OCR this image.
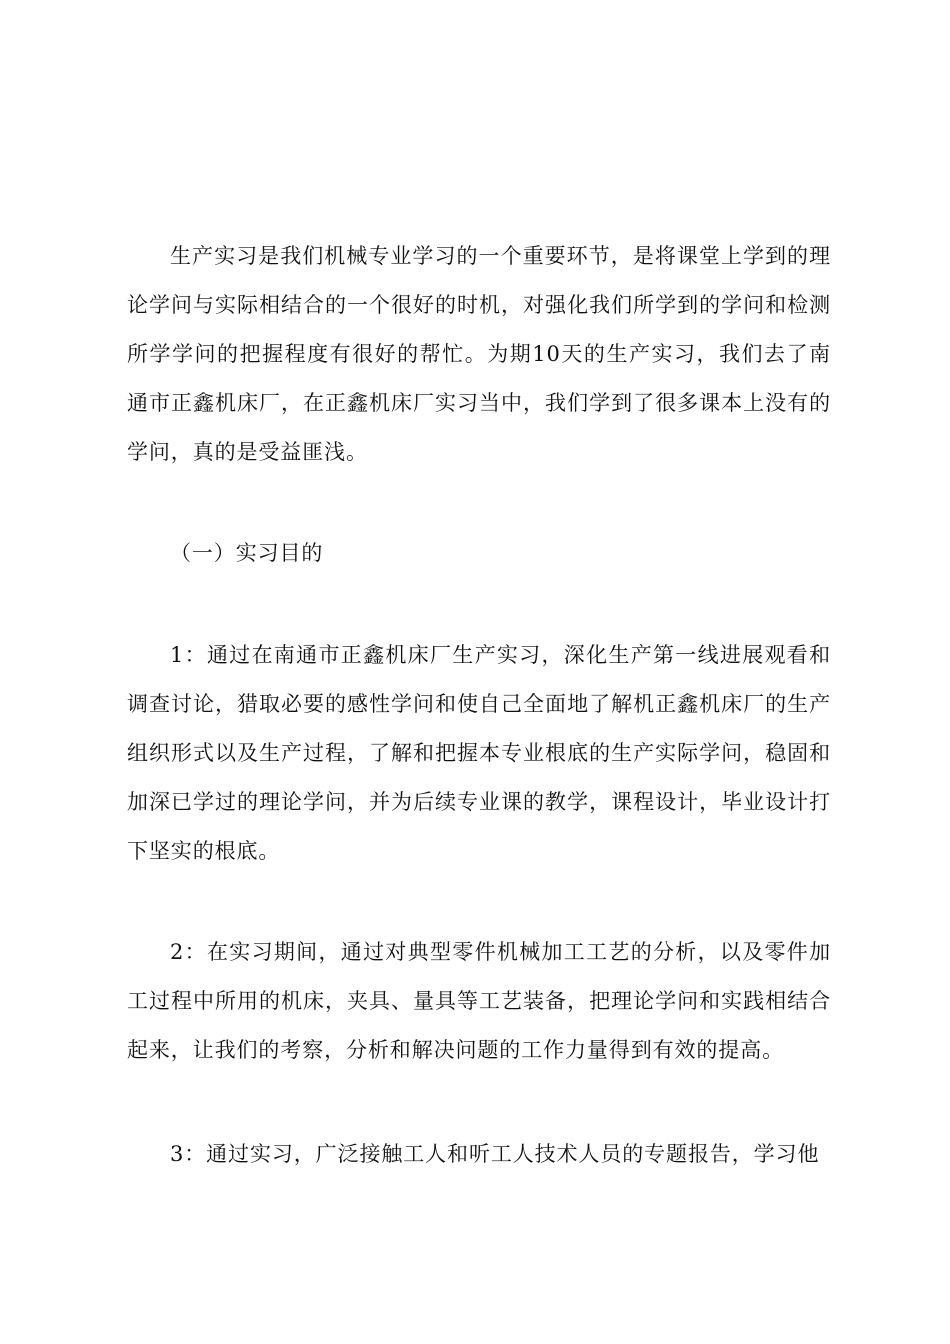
生产实习是我们机械专业学习的一个重要环节，是将课堂上学到的理论学问与实际相结合的一个很好的时机，对强化我们所学到的学问和检测所学学问的把握程度有很好的帮忙。为期10天的生产实习，我们去了南通市正鑫机床厂，在正鑫机床厂实习当中，我们学到了很多课本上没有的学问，真的是受益匪浅。

（一）实习目的

1：通过在南通市正鑫机床厂生产实习，深化生产第一线进展观看和调查讨论，猎取必要的感性学问和使自己全面地了解机正鑫机床厂的生产组织形式以及生产过程，了解和把握本专业根底的生产实际学问，稳固和加深已学过的理论学问，并为后续专业课的教学，课程设计，毕业设计打下坚实的根底。

2：在实习期间，通过对典型零件机械加工工艺的分析，以及零件加工过程中所用的机床，夹具、量具等工艺装备，把理论学问和实践相结合起来，让我们的考察，分析和解决问题的工作力量得到有效的提高。

3：通过实习，广泛接触工人和听工人技术人员的专题报告，学习他
